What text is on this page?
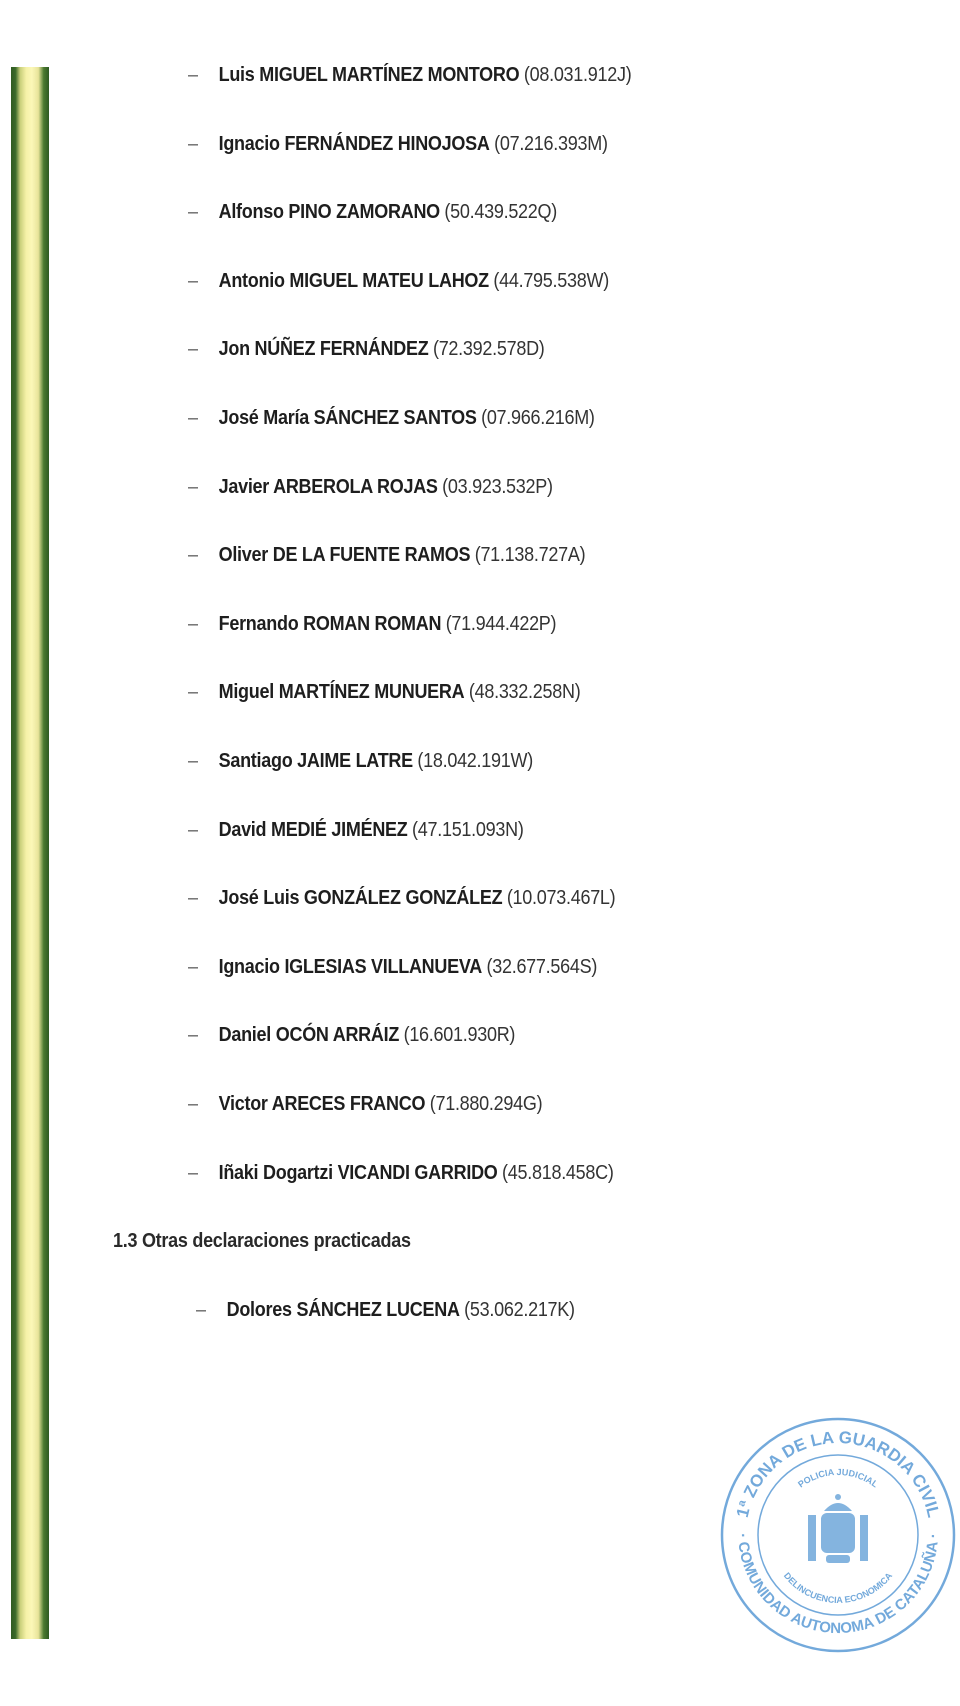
– Luis MIGUEL MARTÍNEZ MONTORO (08.031.912J)
– Ignacio FERNÁNDEZ HINOJOSA (07.216.393M)
– Alfonso PINO ZAMORANO (50.439.522Q)
– Antonio MIGUEL MATEU LAHOZ (44.795.538W)
– Jon NÚÑEZ FERNÁNDEZ (72.392.578D)
– José María SÁNCHEZ SANTOS (07.966.216M)
– Javier ARBEROLA ROJAS (03.923.532P)
– Oliver DE LA FUENTE RAMOS (71.138.727A)
– Fernando ROMAN ROMAN (71.944.422P)
– Miguel MARTÍNEZ MUNUERA (48.332.258N)
– Santiago JAIME LATRE (18.042.191W)
– David MEDIÉ JIMÉNEZ (47.151.093N)
– José Luis GONZÁLEZ GONZÁLEZ (10.073.467L)
– Ignacio IGLESIAS VILLANUEVA (32.677.564S)
– Daniel OCÓN ARRÁIZ (16.601.930R)
– Victor ARECES FRANCO (71.880.294G)
– Iñaki Dogartzi VICANDI GARRIDO (45.818.458C)
1.3 Otras declaraciones practicadas
– Dolores SÁNCHEZ LUCENA (53.062.217K)
1ª ZONA DE LA GUARDIA CIVIL
· COMUNIDAD AUTONOMA DE CATALUÑA ·
POLICIA JUDICIAL
DELINCUENCIA ECONOMICA
